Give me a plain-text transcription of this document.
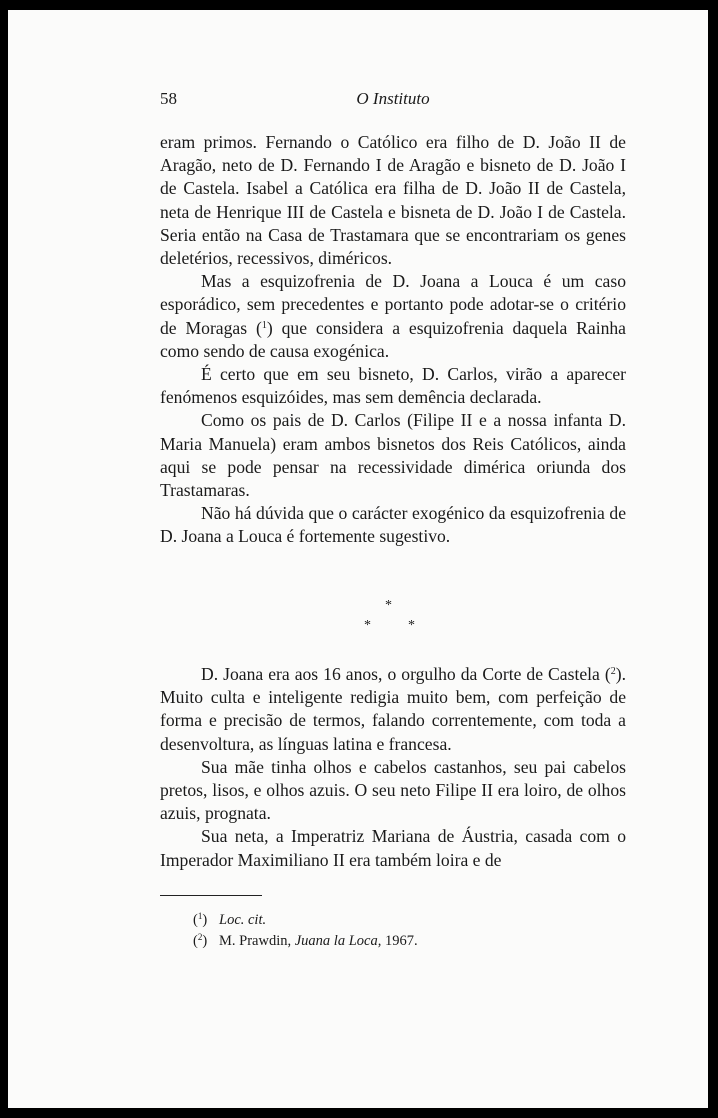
58	O Instituto

eram primos. Fernando o Católico era filho de D. João II de Aragão, neto de D. Fernando I de Aragão e bisneto de D. João I de Castela. Isabel a Católica era filha de D. João II de Castela, neta de Henrique III de Castela e bisneta de D. João I de Castela. Seria então na Casa de Trastamara que se encontrariam os genes deletérios, recessivos, diméricos.

Mas a esquizofrenia de D. Joana a Louca é um caso esporádico, sem precedentes e portanto pode adotar-se o critério de Moragas ($^1$) que considera a esquizofrenia daquela Rainha como sendo de causa exogénica.

É certo que em seu bisneto, D. Carlos, virão a aparecer fenómenos esquizóides, mas sem demência declarada.

Como os pais de D. Carlos (Filipe II e a nossa infanta D. Maria Manuela) eram ambos bisnetos dos Reis Católicos, ainda aqui se pode pensar na recessividade dimérica oriunda dos Trastamaras.

Não há dúvida que o carácter exogénico da esquizofrenia de D. Joana a Louca é fortemente sugestivo.

*
*	*

D. Joana era aos 16 anos, o orgulho da Corte de Castela ($^2$). Muito culta e inteligente redigia muito bem, com perfeição de forma e precisão de termos, falando correntemente, com toda a desenvoltura, as línguas latina e francesa.

Sua mãe tinha olhos e cabelos castanhos, seu pai cabelos pretos, lisos, e olhos azuis. O seu neto Filipe II era loiro, de olhos azuis, prognata.

Sua neta, a Imperatriz Mariana de Áustria, casada com o Imperador Maximiliano II era também loira e de

($^1$) Loc. cit.
($^2$) M. Prawdin, Juana la Loca, 1967.
